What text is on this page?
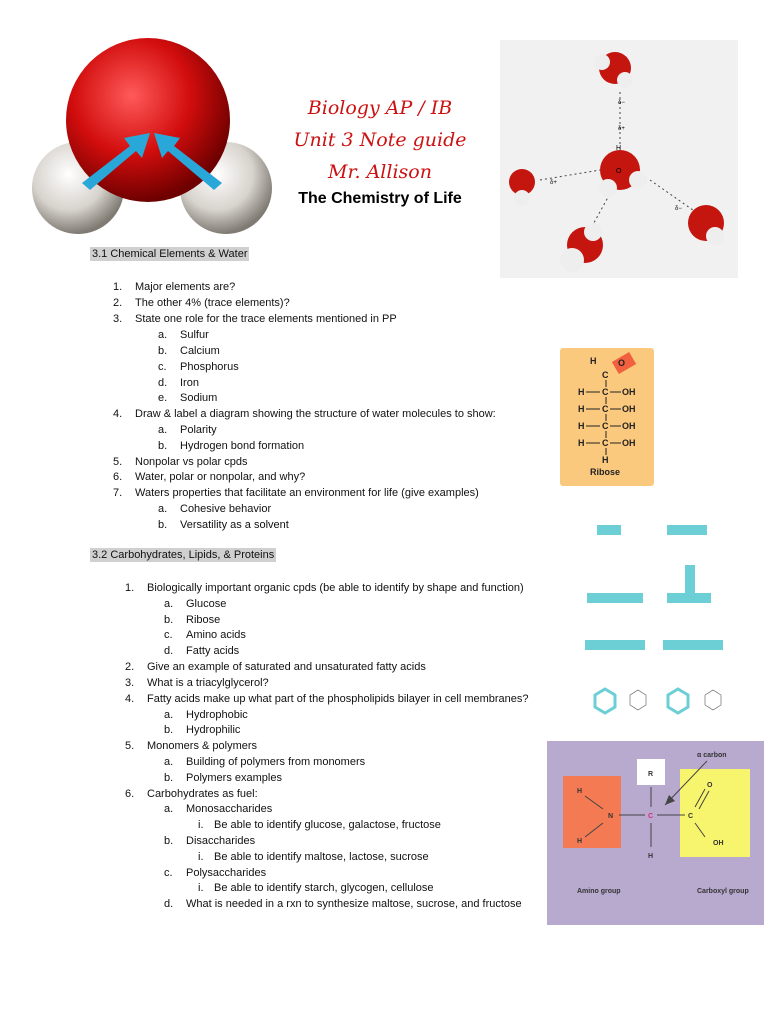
Biology AP / IB
Unit 3 Note guide
Mr. Allison
The Chemistry of Life
H
O
δ−
δ+
δ+
δ−
3.1 Chemical Elements & Water
1. Major elements are?
2. The other 4% (trace elements)?
3. State one role for the trace elements mentioned in PP
a. Sulfur
b. Calcium
c. Phosphorus
d. Iron
e. Sodium
4. Draw & label a diagram showing the structure of water molecules to show:
a. Polarity
b. Hydrogen bond formation
5. Nonpolar vs polar cpds
6. Water, polar or nonpolar, and why?
7. Waters properties that facilitate an environment for life (give examples)
a. Cohesive behavior
b. Versatility as a solvent
H O
C
H C OH
H C OH
H C OH
H C OH
H
Ribose
3.2 Carbohydrates, Lipids, & Proteins
1. Biologically important organic cpds (be able to identify by shape and function)
a. Glucose
b. Ribose
c. Amino acids
d. Fatty acids
2. Give an example of saturated and unsaturated fatty acids
3. What is a triacylglycerol?
4. Fatty acids make up what part of the phospholipids bilayer in cell membranes?
a. Hydrophobic
b. Hydrophilic
5. Monomers & polymers
a. Building of polymers from monomers
b. Polymers examples
6. Carbohydrates as fuel:
a. Monosaccharides
i. Be able to identify glucose, galactose, fructose
b. Disaccharides
i. Be able to identify maltose, lactose, sucrose
c. Polysaccharides
i. Be able to identify starch, glycogen, cellulose
d. What is needed in a rxn to synthesize maltose, sucrose, and fructose
α carbon
R
H
H
N	C	C
O
OH
H
Amino group	Carboxyl group
